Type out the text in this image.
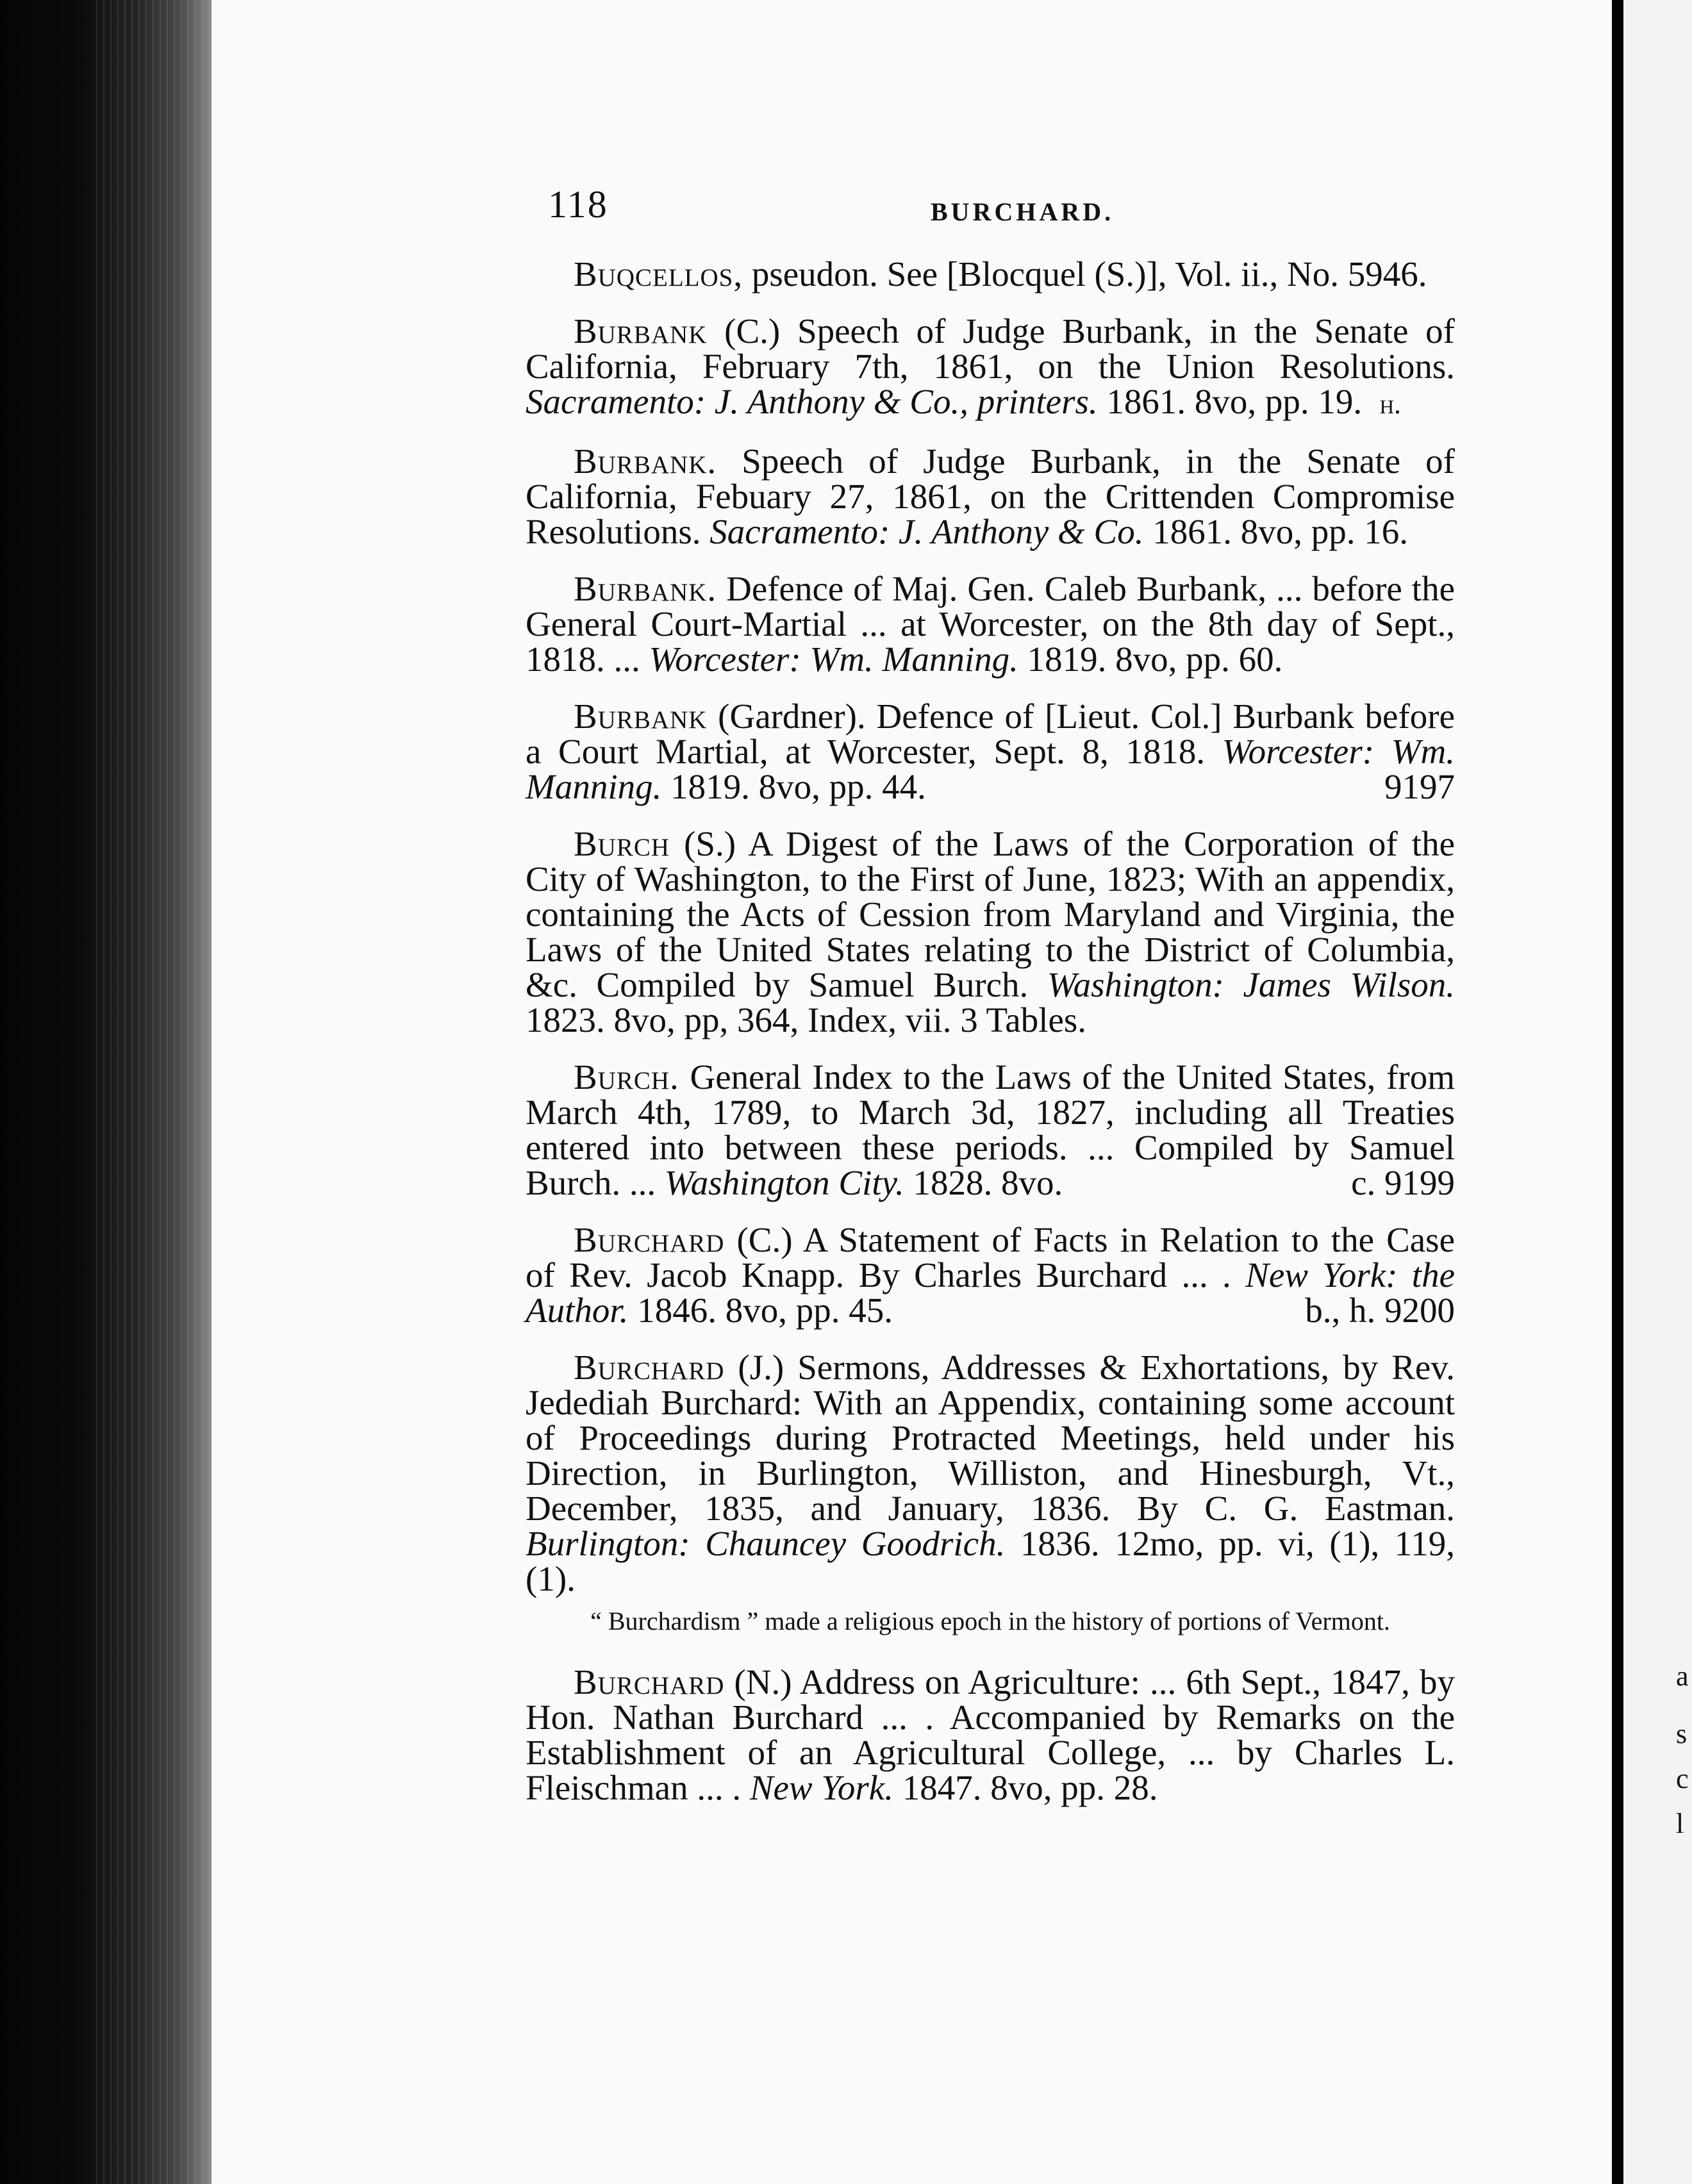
a
s
c
l
118	BURCHARD.

Buqcellos, pseudon. See [Blocquel (S.)], Vol. ii., No. 5946.

Burbank (C.) Speech of Judge Burbank, in the Senate of California, February 7th, 1861, on the Union Resolutions. Sacramento: J. Anthony & Co., printers. 1861. 8vo, pp. 19. h.

Burbank. Speech of Judge Burbank, in the Senate of California, Febuary 27, 1861, on the Crittenden Compromise Resolutions. Sacramento: J. Anthony & Co. 1861. 8vo, pp. 16.

Burbank. Defence of Maj. Gen. Caleb Burbank, ... before the General Court-Martial ... at Worcester, on the 8th day of Sept., 1818. ... Worcester: Wm. Manning. 1819. 8vo, pp. 60.

Burbank (Gardner). Defence of [Lieut. Col.] Burbank before a Court Martial, at Worcester, Sept. 8, 1818. Worcester: Wm. Manning. 1819. 8vo, pp. 44.	9197

Burch (S.) A Digest of the Laws of the Corporation of the City of Washington, to the First of June, 1823; With an appendix, containing the Acts of Cession from Maryland and Virginia, the Laws of the United States relating to the District of Columbia, &c. Compiled by Samuel Burch. Washington: James Wilson. 1823. 8vo, pp, 364, Index, vii. 3 Tables.

Burch. General Index to the Laws of the United States, from March 4th, 1789, to March 3d, 1827, including all Treaties entered into between these periods. ... Compiled by Samuel Burch. ... Washington City. 1828. 8vo.	c. 9199

Burchard (C.) A Statement of Facts in Relation to the Case of Rev. Jacob Knapp. By Charles Burchard ... . New York: the Author. 1846. 8vo, pp. 45.	b., h. 9200

Burchard (J.) Sermons, Addresses & Exhortations, by Rev. Jedediah Burchard: With an Appendix, containing some account of Proceedings during Protracted Meetings, held under his Direction, in Burlington, Williston, and Hinesburgh, Vt., December, 1835, and January, 1836. By C. G. Eastman. Burlington: Chauncey Goodrich. 1836. 12mo, pp. vi, (1), 119, (1).

“ Burchardism ” made a religious epoch in the history of portions of Vermont.

Burchard (N.) Address on Agriculture: ... 6th Sept., 1847, by Hon. Nathan Burchard ... . Accompanied by Remarks on the Establishment of an Agricultural College, ... by Charles L. Fleischman ... . New York. 1847. 8vo, pp. 28.
